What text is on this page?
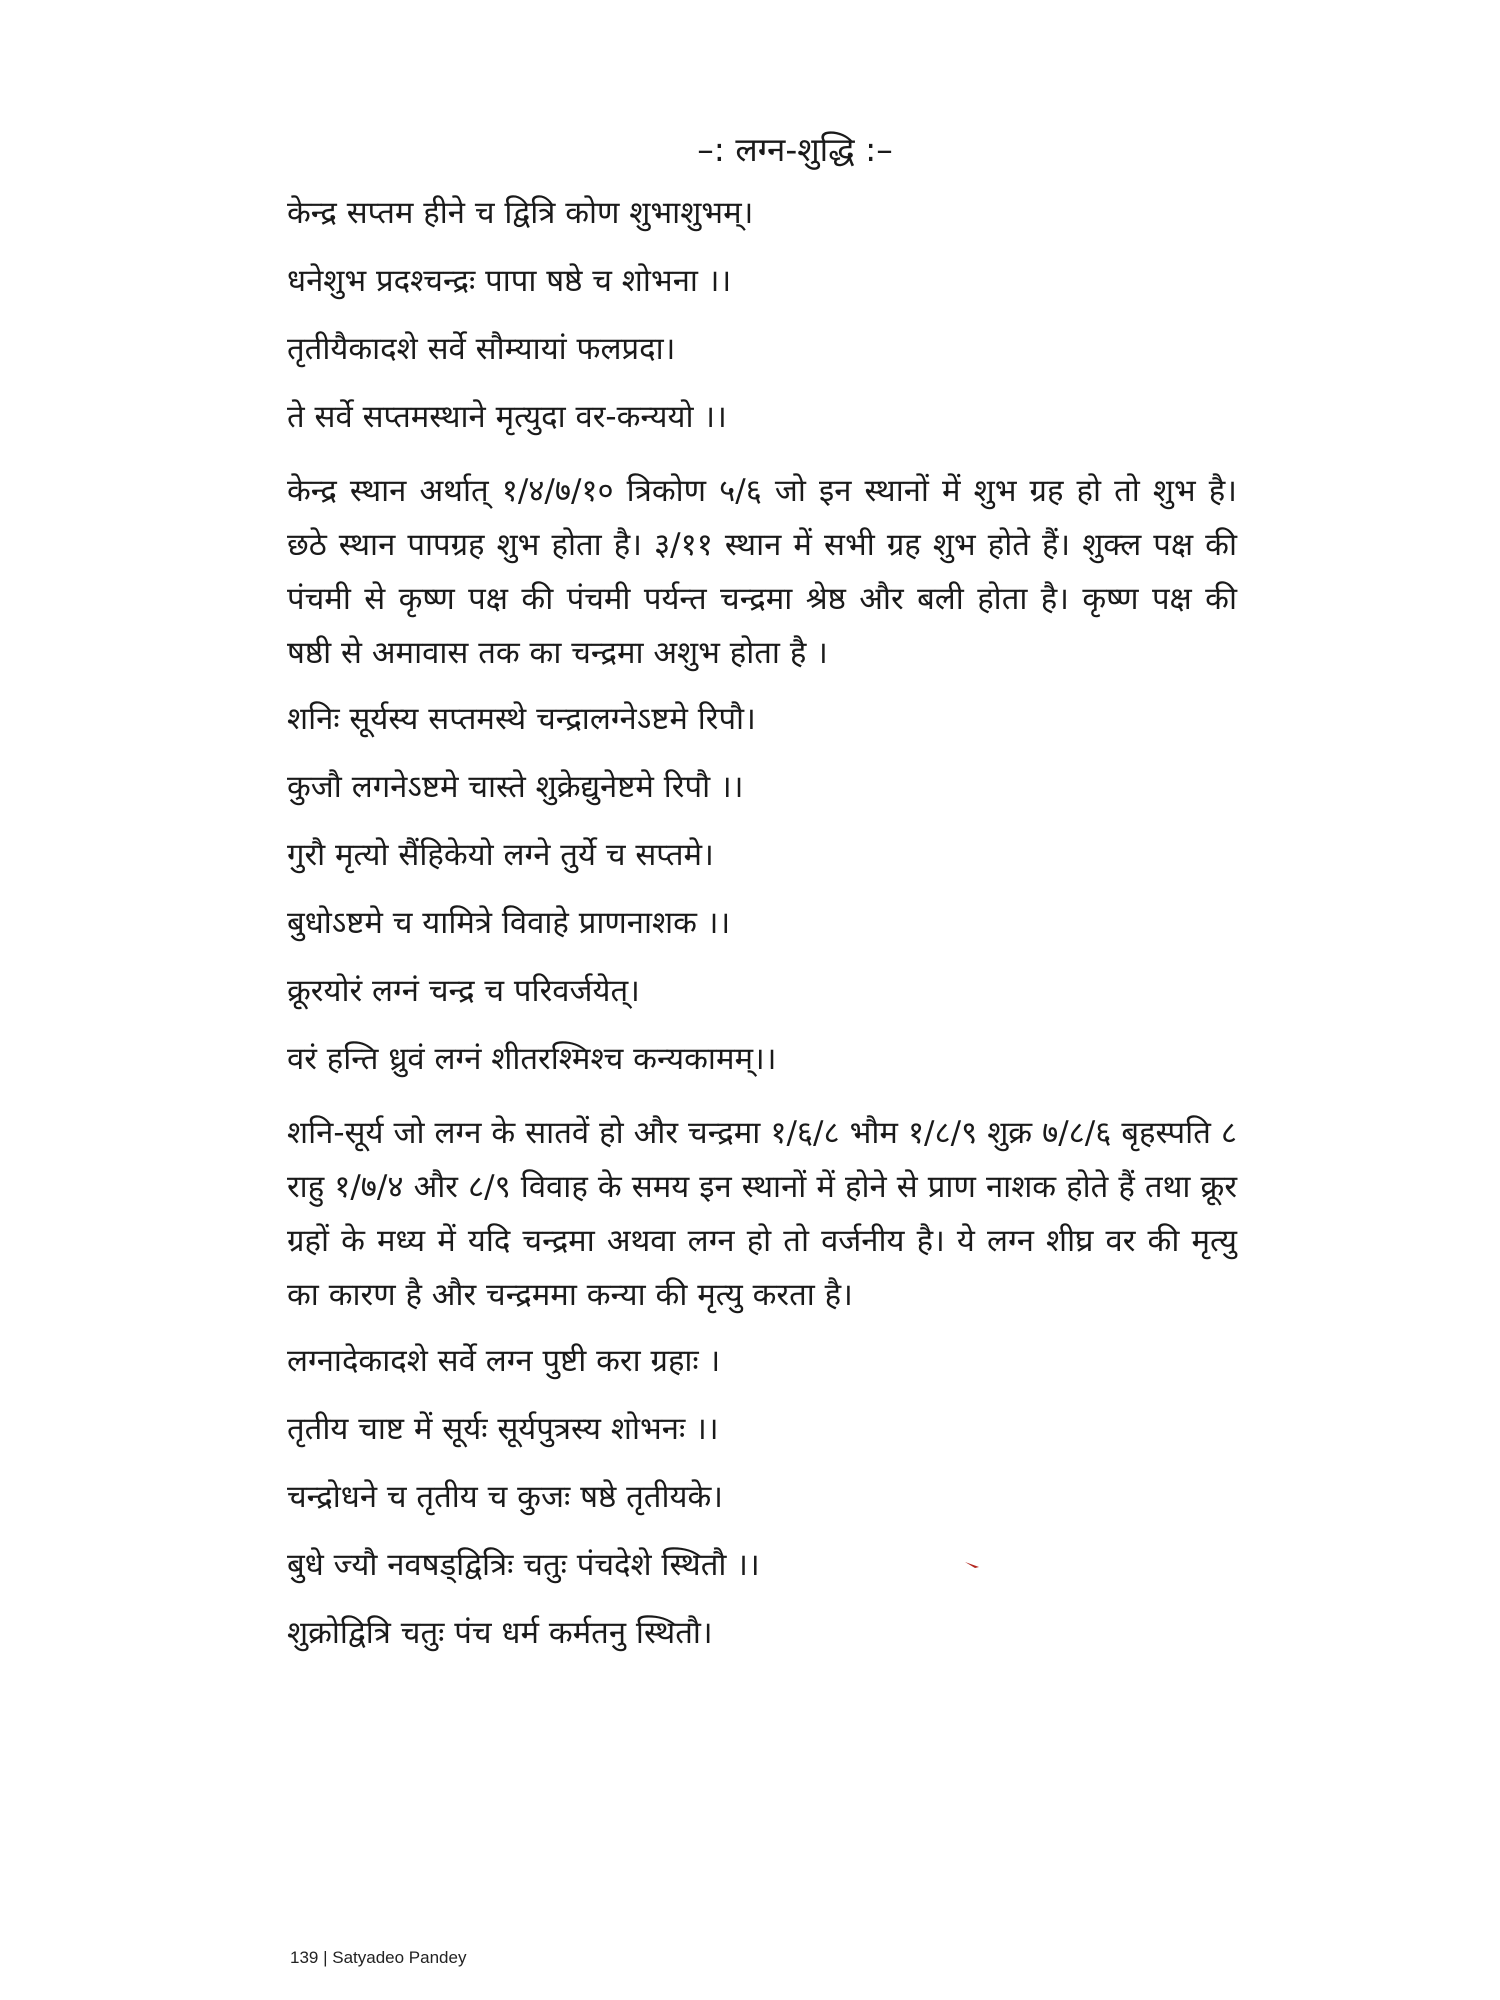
–: लग्न-शुद्धि :–
केन्द्र सप्तम हीने च द्वित्रि कोण शुभाशुभम्।
धनेशुभ प्रदश्चन्द्रः पापा षष्ठे च शोभना ।।
तृतीयैकादशे सर्वे सौम्यायां फलप्रदा।
ते सर्वे सप्तमस्थाने मृत्युदा वर-कन्ययो ।।
केन्द्र स्थान अर्थात् १/४/७/१० त्रिकोण ५/६ जो इन स्थानों में शुभ ग्रह हो तो शुभ है। छठे स्थान पापग्रह शुभ होता है। ३/११ स्थान में सभी ग्रह शुभ होते हैं। शुक्ल पक्ष की पंचमी से कृष्ण पक्ष की पंचमी पर्यन्त चन्द्रमा श्रेष्ठ और बली होता है। कृष्ण पक्ष की षष्ठी से अमावास तक का चन्द्रमा अशुभ होता है ।
शनिः सूर्यस्य सप्तमस्थे चन्द्रालग्नेऽष्टमे रिपौ।
कुजौ लगनेऽष्टमे चास्ते शुक्रेद्युनेष्टमे रिपौ ।।
गुरौ मृत्यो सैंहिकेयो लग्ने तुर्ये च सप्तमे।
बुधोऽष्टमे च यामित्रे विवाहे प्राणनाशक ।।
क्रूरयोरं लग्नं चन्द्र च परिवर्जयेत्।
वरं हन्ति ध्रुवं लग्नं शीतरश्मिश्च कन्यकामम्।।
शनि-सूर्य जो लग्न के सातवें हो और चन्द्रमा १/६/८ भौम १/८/९ शुक्र ७/८/६ बृहस्पति ८ राहु १/७/४ और ८/९ विवाह के समय इन स्थानों में होने से प्राण नाशक होते हैं तथा क्रूर ग्रहों के मध्य में यदि चन्द्रमा अथवा लग्न हो तो वर्जनीय है। ये लग्न शीघ्र वर की मृत्यु का कारण है और चन्द्रममा कन्या की मृत्यु करता है।
लग्नादेकादशे सर्वे लग्न पुष्टी करा ग्रहाः ।
तृतीय चाष्ट में सूर्यः सूर्यपुत्रस्य शोभनः ।।
चन्द्रोधने च तृतीय च कुजः षष्ठे तृतीयके।
बुधे ज्यौ नवषड्द्वित्रिः चतुः पंचदेशे स्थितौ ।।
शुक्रोद्वित्रि चतुः पंच धर्म कर्मतनु स्थितौ।
139 | Satyadeo Pandey
